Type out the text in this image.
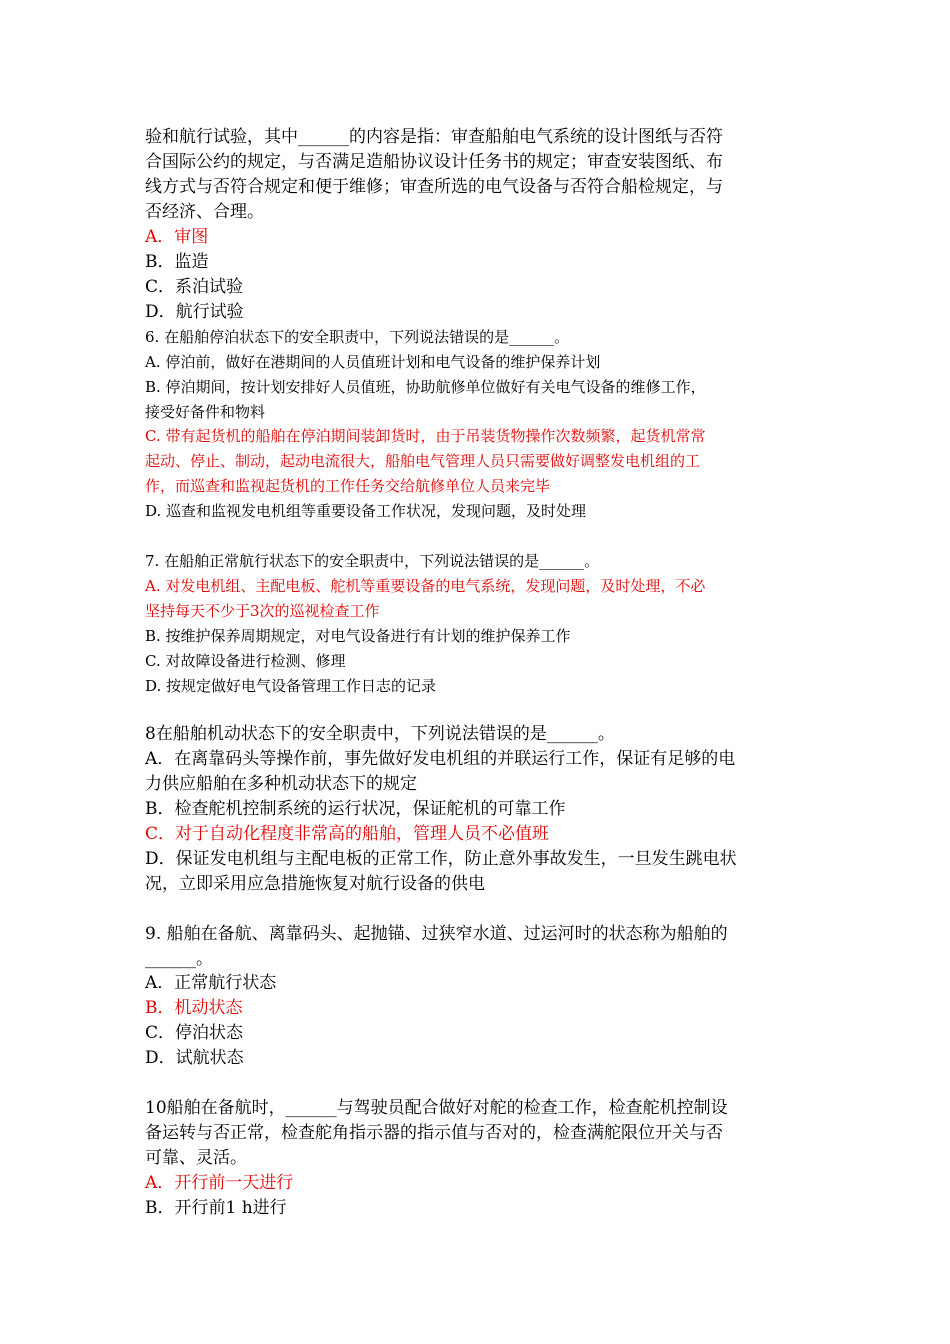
验和航行试验，其中______的内容是指：审查船舶电气系统的设计图纸与否符
合国际公约的规定，与否满足造船协议设计任务书的规定；审查安装图纸、布
线方式与否符合规定和便于维修；审查所选的电气设备与否符合船检规定，与
否经济、合理。
A．审图
B．监造
C．系泊试验
D．航行试验
6. 在船舶停泊状态下的安全职责中，下列说法错误的是______。
A. 停泊前，做好在港期间的人员值班计划和电气设备的维护保养计划
B. 停泊期间，按计划安排好人员值班，协助航修单位做好有关电气设备的维修工作，
接受好备件和物料
C. 带有起货机的船舶在停泊期间装卸货时，由于吊装货物操作次数频繁，起货机常常
起动、停止、制动，起动电流很大，船舶电气管理人员只需要做好调整发电机组的工
作，而巡查和监视起货机的工作任务交给航修单位人员来完毕
D. 巡查和监视发电机组等重要设备工作状况，发现问题，及时处理
7. 在船舶正常航行状态下的安全职责中，下列说法错误的是______。
A. 对发电机组、主配电板、舵机等重要设备的电气系统，发现问题，及时处理，不必
坚持每天不少于3次的巡视检查工作
B. 按维护保养周期规定，对电气设备进行有计划的维护保养工作
C. 对故障设备进行检测、修理
D. 按规定做好电气设备管理工作日志的记录
8在船舶机动状态下的安全职责中，下列说法错误的是______。
A．在离靠码头等操作前，事先做好发电机组的并联运行工作，保证有足够的电
力供应船舶在多种机动状态下的规定
B．检查舵机控制系统的运行状况，保证舵机的可靠工作
C．对于自动化程度非常高的船舶，管理人员不必值班
D．保证发电机组与主配电板的正常工作，防止意外事故发生，一旦发生跳电状
况，立即采用应急措施恢复对航行设备的供电
9. 船舶在备航、离靠码头、起抛锚、过狭窄水道、过运河时的状态称为船舶的
______。
A．正常航行状态
B．机动状态
C．停泊状态
D．试航状态
10船舶在备航时，______与驾驶员配合做好对舵的检查工作，检查舵机控制设
备运转与否正常，检查舵角指示器的指示值与否对的，检查满舵限位开关与否
可靠、灵活。
A．开行前一天进行
B．开行前1 h进行
